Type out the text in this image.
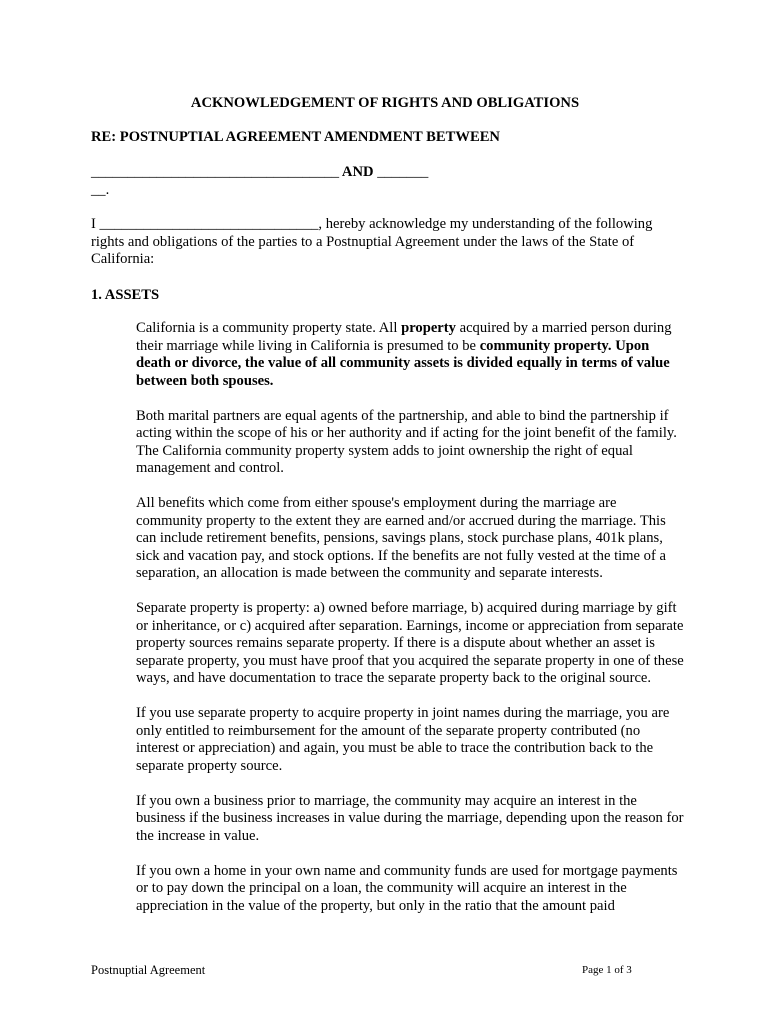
ACKNOWLEDGEMENT OF RIGHTS AND OBLIGATIONS
RE: POSTNUPTIAL AGREEMENT AMENDMENT BETWEEN
__________________________________ AND _______
__.
I ______________________________, hereby acknowledge my understanding of the following rights and obligations of the parties to a Postnuptial Agreement under the laws of the State of California:
1. ASSETS

California is a community property state. All property acquired by a married person during their marriage while living in California is presumed to be community property. Upon death or divorce, the value of all community assets is divided equally in terms of value between both spouses.

Both marital partners are equal agents of the partnership, and able to bind the partnership if acting within the scope of his or her authority and if acting for the joint benefit of the family. The California community property system adds to joint ownership the right of equal management and control.

All benefits which come from either spouse's employment during the marriage are community property to the extent they are earned and/or accrued during the marriage. This can include retirement benefits, pensions, savings plans, stock purchase plans, 401k plans, sick and vacation pay, and stock options. If the benefits are not fully vested at the time of a separation, an allocation is made between the community and separate interests.

Separate property is property: a) owned before marriage, b) acquired during marriage by gift or inheritance, or c) acquired after separation. Earnings, income or appreciation from separate property sources remains separate property. If there is a dispute about whether an asset is separate property, you must have proof that you acquired the separate property in one of these ways, and have documentation to trace the separate property back to the original source.

If you use separate property to acquire property in joint names during the marriage, you are only entitled to reimbursement for the amount of the separate property contributed (no interest or appreciation) and again, you must be able to trace the contribution back to the separate property source.

If you own a business prior to marriage, the community may acquire an interest in the business if the business increases in value during the marriage, depending upon the reason for the increase in value.

If you own a home in your own name and community funds are used for mortgage payments or to pay down the principal on a loan, the community will acquire an interest in the appreciation in the value of the property, but only in the ratio that the amount paid

Postnuptial Agreement	Page 1 of 3
